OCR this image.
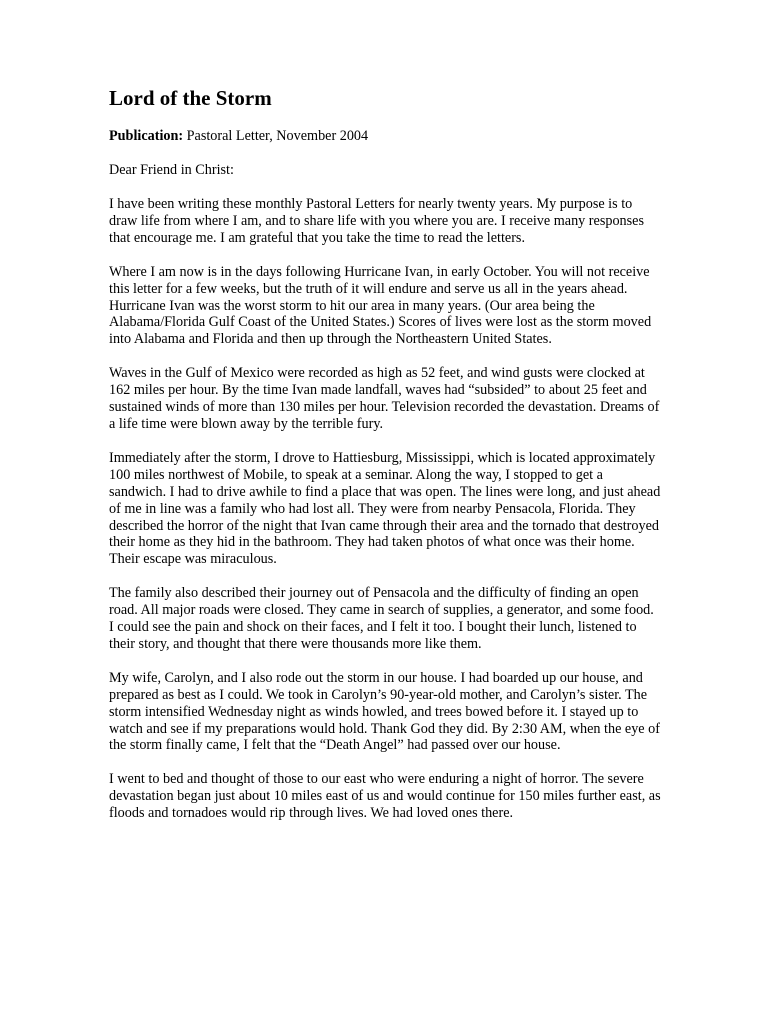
Lord of the Storm

Publication: Pastoral Letter, November 2004

Dear Friend in Christ:

I have been writing these monthly Pastoral Letters for nearly twenty years. My purpose is to draw life from where I am, and to share life with you where you are. I receive many responses that encourage me. I am grateful that you take the time to read the letters.

Where I am now is in the days following Hurricane Ivan, in early October. You will not receive this letter for a few weeks, but the truth of it will endure and serve us all in the years ahead. Hurricane Ivan was the worst storm to hit our area in many years. (Our area being the Alabama/Florida Gulf Coast of the United States.) Scores of lives were lost as the storm moved into Alabama and Florida and then up through the Northeastern United States.

Waves in the Gulf of Mexico were recorded as high as 52 feet, and wind gusts were clocked at 162 miles per hour. By the time Ivan made landfall, waves had “subsided” to about 25 feet and sustained winds of more than 130 miles per hour. Television recorded the devastation. Dreams of a life time were blown away by the terrible fury.

Immediately after the storm, I drove to Hattiesburg, Mississippi, which is located approximately 100 miles northwest of Mobile, to speak at a seminar. Along the way, I stopped to get a sandwich. I had to drive awhile to find a place that was open. The lines were long, and just ahead of me in line was a family who had lost all. They were from nearby Pensacola, Florida. They described the horror of the night that Ivan came through their area and the tornado that destroyed their home as they hid in the bathroom. They had taken photos of what once was their home. Their escape was miraculous.

The family also described their journey out of Pensacola and the difficulty of finding an open road. All major roads were closed. They came in search of supplies, a generator, and some food. I could see the pain and shock on their faces, and I felt it too. I bought their lunch, listened to their story, and thought that there were thousands more like them.

My wife, Carolyn, and I also rode out the storm in our house. I had boarded up our house, and prepared as best as I could. We took in Carolyn’s 90-year-old mother, and Carolyn’s sister. The storm intensified Wednesday night as winds howled, and trees bowed before it. I stayed up to watch and see if my preparations would hold. Thank God they did. By 2:30 AM, when the eye of the storm finally came, I felt that the “Death Angel” had passed over our house.

I went to bed and thought of those to our east who were enduring a night of horror. The severe devastation began just about 10 miles east of us and would continue for 150 miles further east, as floods and tornadoes would rip through lives. We had loved ones there.
